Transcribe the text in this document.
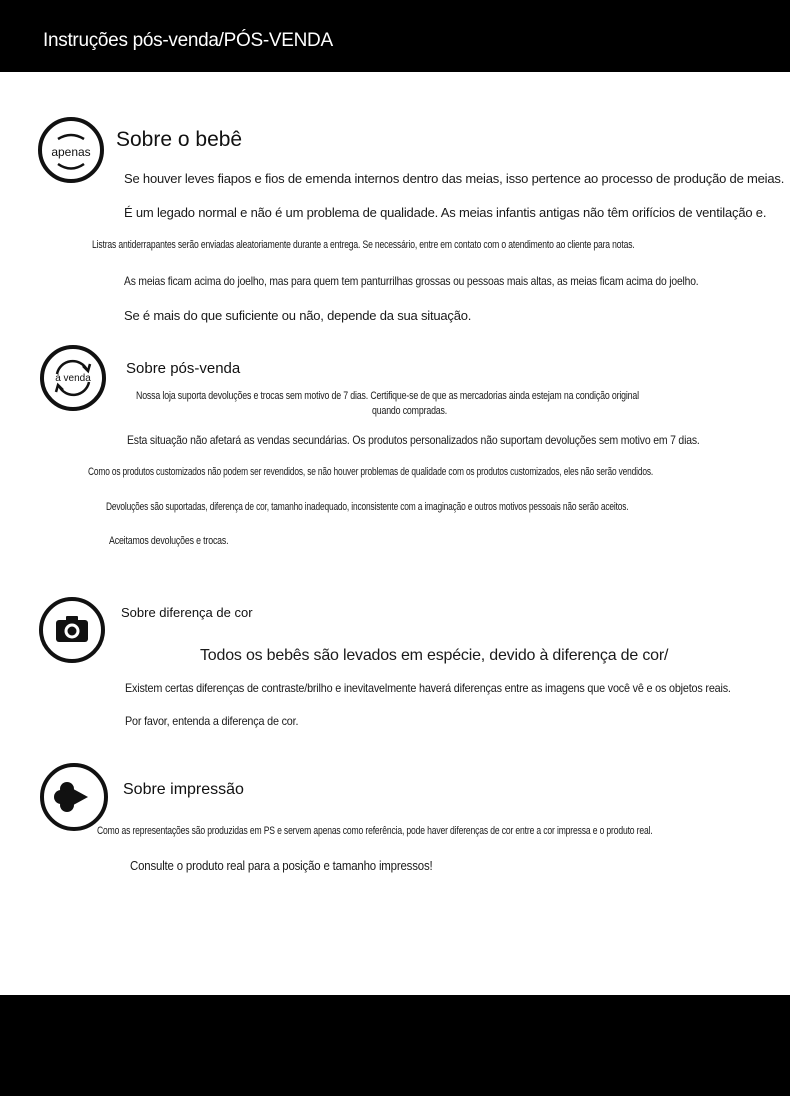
Instruções pós-venda/PÓS-VENDA
apenas
Sobre o bebê
Se houver leves fiapos e fios de emenda internos dentro das meias, isso pertence ao processo de produção de meias.
É um legado normal e não é um problema de qualidade. As meias infantis antigas não têm orifícios de ventilação e.
Listras antiderrapantes serão enviadas aleatoriamente durante a entrega. Se necessário, entre em contato com o atendimento ao cliente para notas.
As meias ficam acima do joelho, mas para quem tem panturrilhas grossas ou pessoas mais altas, as meias ficam acima do joelho.
Se é mais do que suficiente ou não, depende da sua situação.
à venda
Sobre pós-venda
Nossa loja suporta devoluções e trocas sem motivo de 7 dias. Certifique-se de que as mercadorias ainda estejam na condição original
quando compradas.
Esta situação não afetará as vendas secundárias. Os produtos personalizados não suportam devoluções sem motivo em 7 dias.
Como os produtos customizados não podem ser revendidos, se não houver problemas de qualidade com os produtos customizados, eles não serão vendidos.
Devoluções são suportadas, diferença de cor, tamanho inadequado, inconsistente com a imaginação e outros motivos pessoais não serão aceitos.
Aceitamos devoluções e trocas.
Sobre diferença de cor
Todos os bebês são levados em espécie, devido à diferença de cor/
Existem certas diferenças de contraste/brilho e inevitavelmente haverá diferenças entre as imagens que você vê e os objetos reais.
Por favor, entenda a diferença de cor.
Sobre impressão
Como as representações são produzidas em PS e servem apenas como referência, pode haver diferenças de cor entre a cor impressa e o produto real.
Consulte o produto real para a posição e tamanho impressos!
